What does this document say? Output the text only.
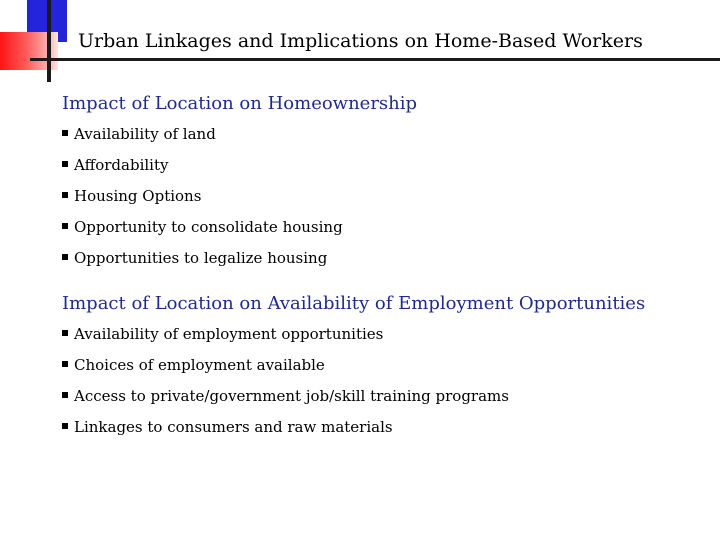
Urban Linkages and Implications on Home-Based Workers
Impact of Location on Homeownership
Availability of land
Affordability
Housing Options
Opportunity to consolidate housing
Opportunities to legalize housing
Impact of Location on Availability of Employment Opportunities
Availability of employment opportunities
Choices of employment available
Access to private/government job/skill training programs
Linkages to consumers and raw materials
